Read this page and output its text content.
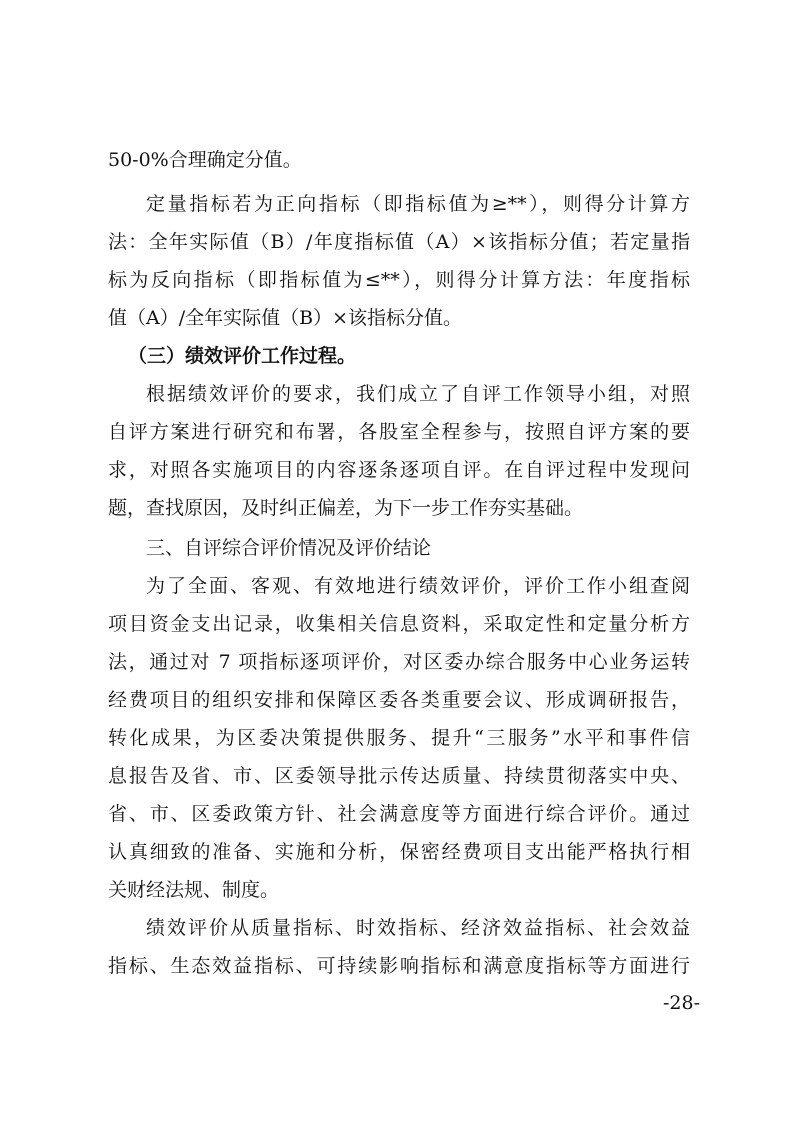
50-0%合理确定分值。
定量指标若为正向指标（即指标值为≥**），则得分计算方
法：全年实际值（B）/年度指标值（A）×该指标分值；若定量指
标为反向指标（即指标值为≤**），则得分计算方法：年度指标
值（A）/全年实际值（B）×该指标分值。
（三）绩效评价工作过程。
根据绩效评价的要求，我们成立了自评工作领导小组，对照
自评方案进行研究和布署，各股室全程参与，按照自评方案的要
求，对照各实施项目的内容逐条逐项自评。在自评过程中发现问
题，查找原因，及时纠正偏差，为下一步工作夯实基础。
三、自评综合评价情况及评价结论
为了全面、客观、有效地进行绩效评价，评价工作小组查阅
项目资金支出记录，收集相关信息资料，采取定性和定量分析方
法，通过对 7 项指标逐项评价，对区委办综合服务中心业务运转
经费项目的组织安排和保障区委各类重要会议、形成调研报告，
转化成果，为区委决策提供服务、提升“三服务”水平和事件信
息报告及省、市、区委领导批示传达质量、持续贯彻落实中央、
省、市、区委政策方针、社会满意度等方面进行综合评价。通过
认真细致的准备、实施和分析，保密经费项目支出能严格执行相
关财经法规、制度。
绩效评价从质量指标、时效指标、经济效益指标、社会效益
指标、生态效益指标、可持续影响指标和满意度指标等方面进行
-28-
